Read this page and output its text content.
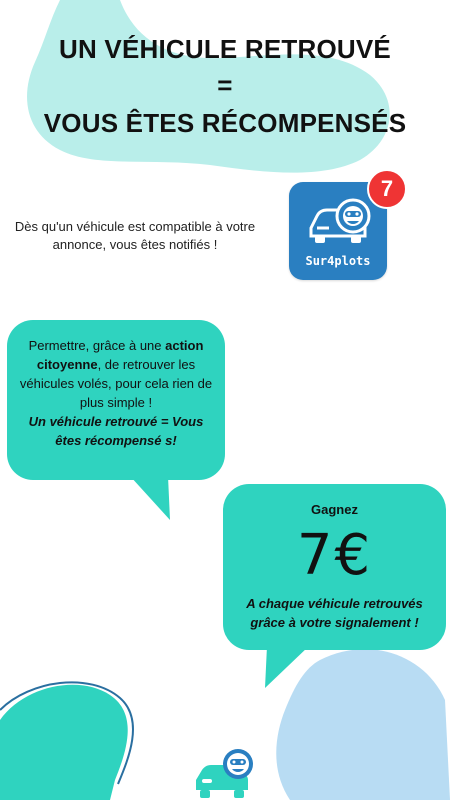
UN VÉHICULE RETROUVÉ
=
VOUS ÊTES RÉCOMPENSÉS
Dès qu'un véhicule est compatible à votre annonce, vous êtes notifiés !
Sur4plots
7
Permettre, grâce à une action citoyenne, de retrouver les véhicules volés, pour cela rien de plus simple !
Un véhicule retrouvé = Vous êtes récompensé s!
Gagnez
7€
A chaque véhicule retrouvés grâce à votre signalement !
